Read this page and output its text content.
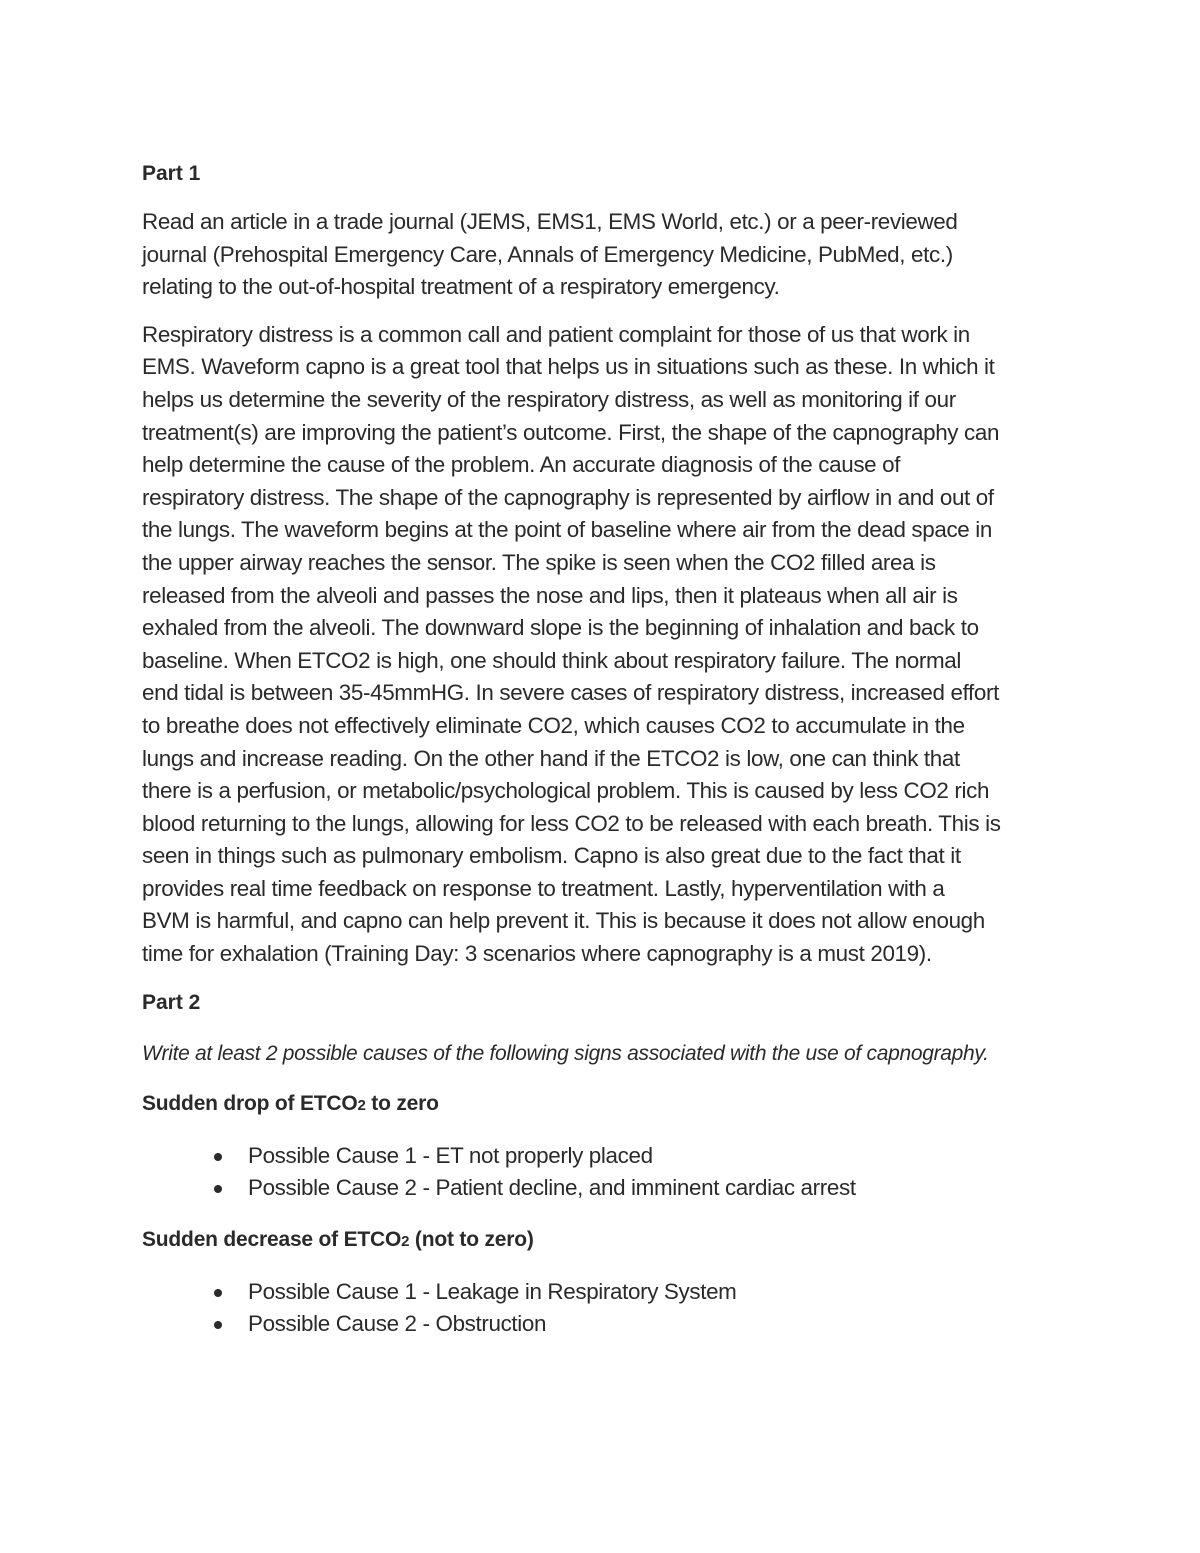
Part 1
Read an article in a trade journal (JEMS, EMS1, EMS World, etc.) or a peer-reviewed
journal (Prehospital Emergency Care, Annals of Emergency Medicine, PubMed, etc.)
relating to the out-of-hospital treatment of a respiratory emergency.
Respiratory distress is a common call and patient complaint for those of us that work in
EMS. Waveform capno is a great tool that helps us in situations such as these. In which it
helps us determine the severity of the respiratory distress, as well as monitoring if our
treatment(s) are improving the patient’s outcome. First, the shape of the capnography can
help determine the cause of the problem. An accurate diagnosis of the cause of
respiratory distress. The shape of the capnography is represented by airflow in and out of
the lungs. The waveform begins at the point of baseline where air from the dead space in
the upper airway reaches the sensor. The spike is seen when the CO2 filled area is
released from the alveoli and passes the nose and lips, then it plateaus when all air is
exhaled from the alveoli. The downward slope is the beginning of inhalation and back to
baseline. When ETCO2 is high, one should think about respiratory failure. The normal
end tidal is between 35-45mmHG. In severe cases of respiratory distress, increased effort
to breathe does not effectively eliminate CO2, which causes CO2 to accumulate in the
lungs and increase reading. On the other hand if the ETCO2 is low, one can think that
there is a perfusion, or metabolic/psychological problem. This is caused by less CO2 rich
blood returning to the lungs, allowing for less CO2 to be released with each breath. This is
seen in things such as pulmonary embolism. Capno is also great due to the fact that it
provides real time feedback on response to treatment. Lastly, hyperventilation with a
BVM is harmful, and capno can help prevent it. This is because it does not allow enough
time for exhalation (Training Day: 3 scenarios where capnography is a must 2019).
Part 2
Write at least 2 possible causes of the following signs associated with the use of capnography.
Sudden drop of ETCO2 to zero
Possible Cause 1 - ET not properly placed
Possible Cause 2 - Patient decline, and imminent cardiac arrest
Sudden decrease of ETCO2 (not to zero)
Possible Cause 1 - Leakage in Respiratory System
Possible Cause 2 - Obstruction
